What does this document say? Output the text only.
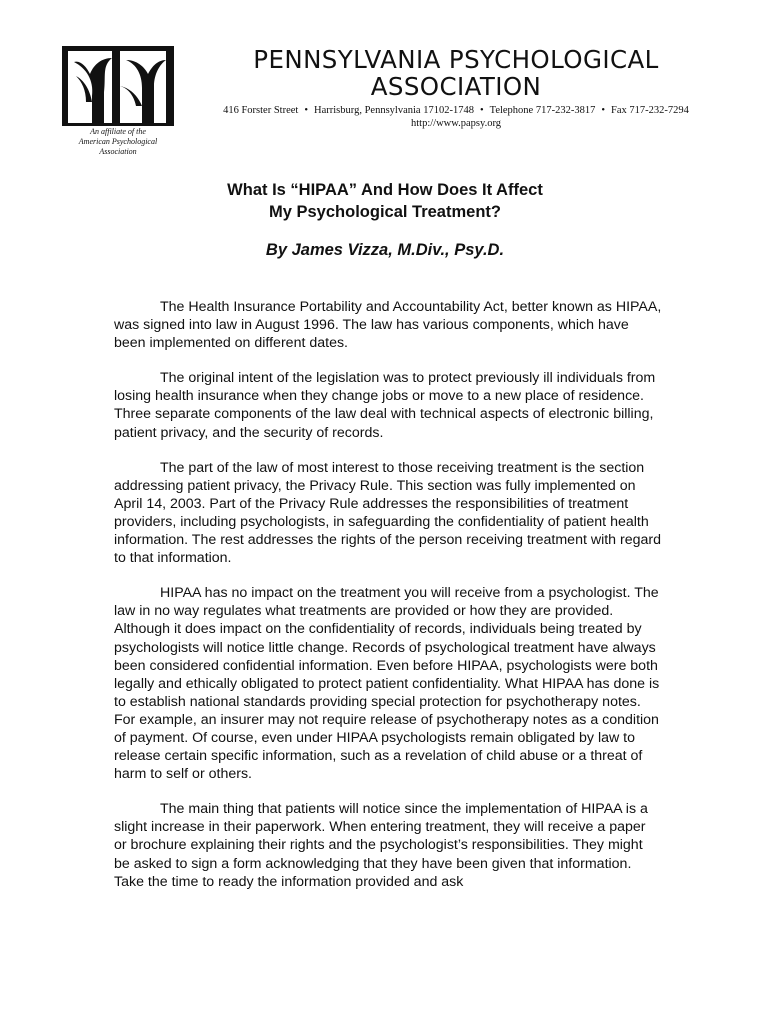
An affiliate of the
American Psychological
Association
PENNSYLVANIA PSYCHOLOGICAL
ASSOCIATION
416 Forster Street • Harrisburg, Pennsylvania 17102-1748 • Telephone 717-232-3817 • Fax 717-232-7294
http://www.papsy.org
What Is “HIPAA” And How Does It Affect
My Psychological Treatment?
By James Vizza, M.Div., Psy.D.

The Health Insurance Portability and Accountability Act, better known as HIPAA, was signed into law in August 1996. The law has various components, which have been implemented on different dates.

The original intent of the legislation was to protect previously ill individuals from losing health insurance when they change jobs or move to a new place of residence. Three separate components of the law deal with technical aspects of electronic billing, patient privacy, and the security of records.

The part of the law of most interest to those receiving treatment is the section addressing patient privacy, the Privacy Rule. This section was fully implemented on April 14, 2003. Part of the Privacy Rule addresses the responsibilities of treatment providers, including psychologists, in safeguarding the confidentiality of patient health information. The rest addresses the rights of the person receiving treatment with regard to that information.

HIPAA has no impact on the treatment you will receive from a psychologist. The law in no way regulates what treatments are provided or how they are provided. Although it does impact on the confidentiality of records, individuals being treated by psychologists will notice little change. Records of psychological treatment have always been considered confidential information. Even before HIPAA, psychologists were both legally and ethically obligated to protect patient confidentiality. What HIPAA has done is to establish national standards providing special protection for psychotherapy notes. For example, an insurer may not require release of psychotherapy notes as a condition of payment. Of course, even under HIPAA psychologists remain obligated by law to release certain specific information, such as a revelation of child abuse or a threat of harm to self or others.

The main thing that patients will notice since the implementation of HIPAA is a slight increase in their paperwork. When entering treatment, they will receive a paper or brochure explaining their rights and the psychologist’s responsibilities. They might be asked to sign a form acknowledging that they have been given that information. Take the time to ready the information provided and ask
